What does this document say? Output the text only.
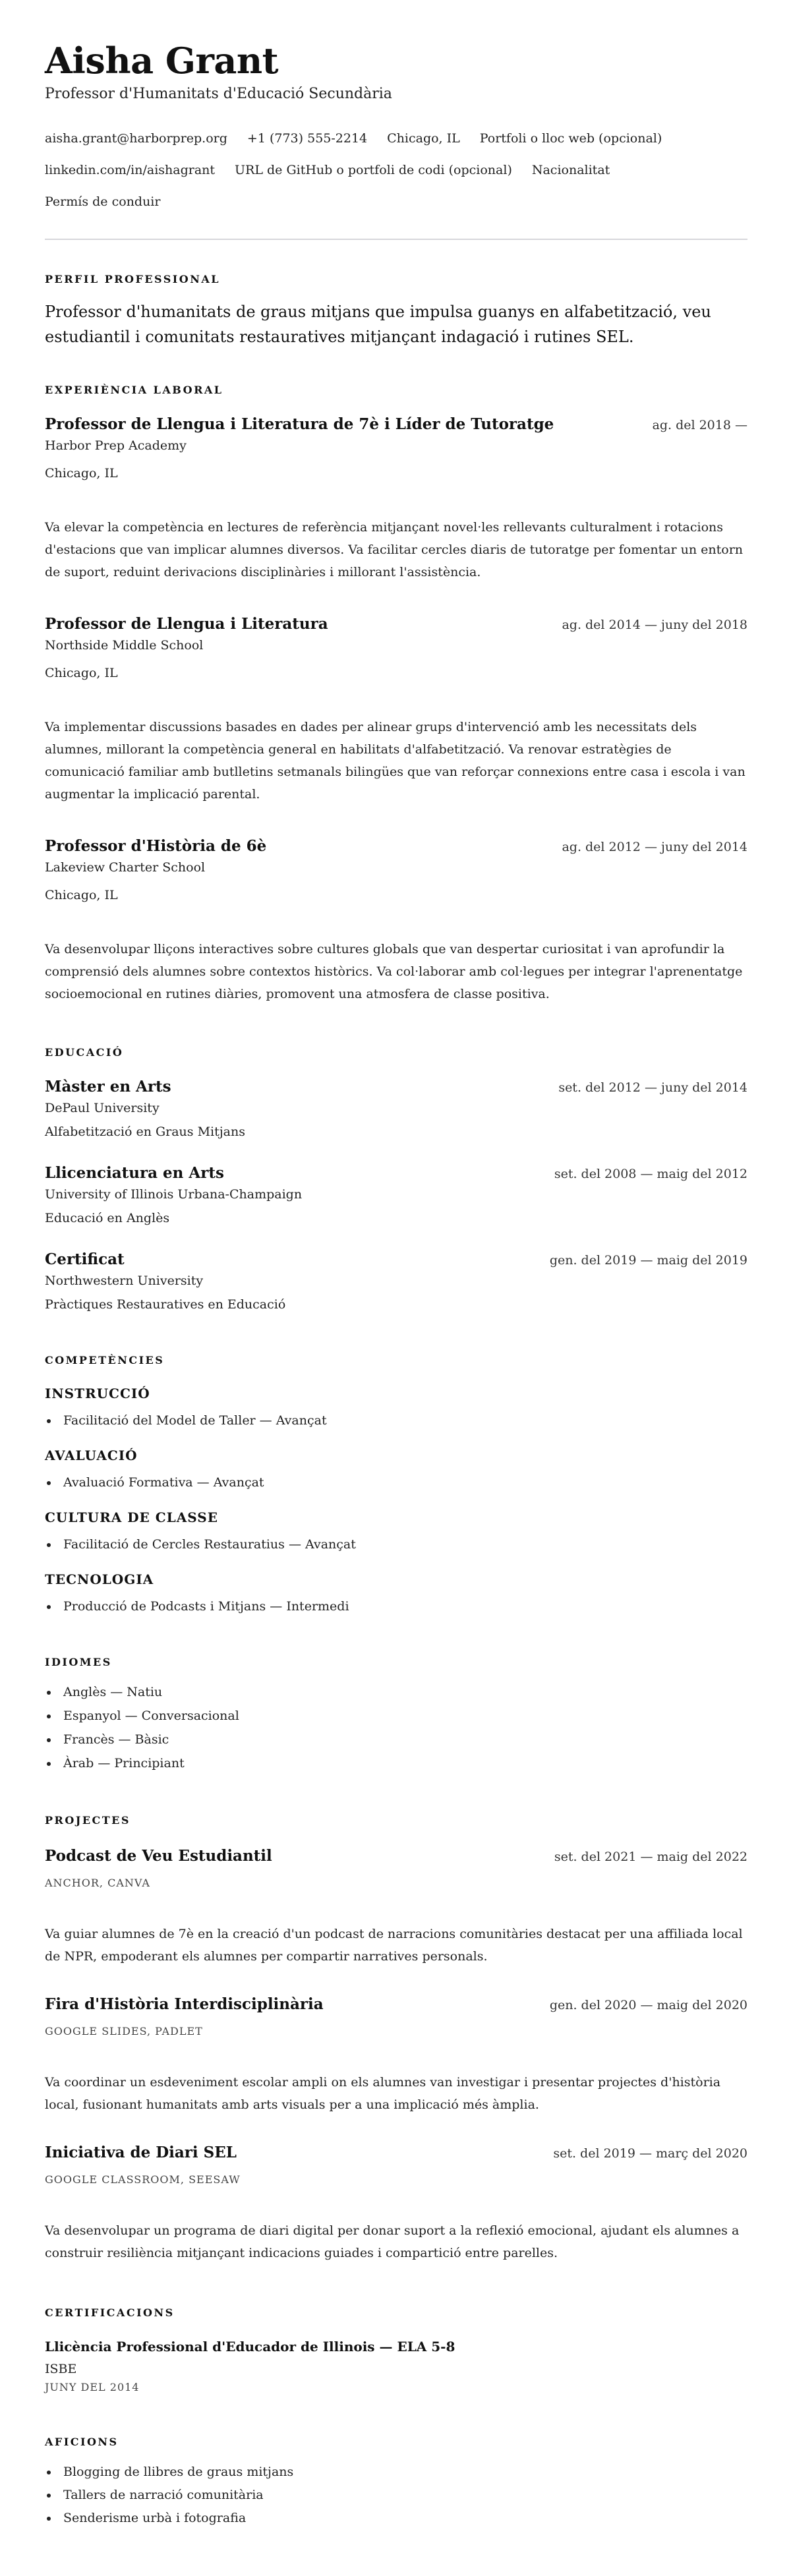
Aisha Grant
Professor d'Humanitats d'Educació Secundària
aisha.grant@harborprep.org +1 (773) 555-2214 Chicago, IL Portfoli o lloc web (opcional)
linkedin.com/in/aishagrant URL de GitHub o portfoli de codi (opcional) Nacionalitat
Permís de conduir
PERFIL PROFESSIONAL
Professor d'humanitats de graus mitjans que impulsa guanys en alfabetització, veu estudiantil i comunitats restauratives mitjançant indagació i rutines SEL.
EXPERIÈNCIA LABORAL
Professor de Llengua i Literatura de 7è i Líder de Tutoratge	ag. del 2018 —
Harbor Prep Academy
Chicago, IL
Va elevar la competència en lectures de referència mitjançant novel·les rellevants culturalment i rotacions d'estacions que van implicar alumnes diversos. Va facilitar cercles diaris de tutoratge per fomentar un entorn de suport, reduint derivacions disciplinàries i millorant l'assistència.
Professor de Llengua i Literatura	ag. del 2014 — juny del 2018
Northside Middle School
Chicago, IL
Va implementar discussions basades en dades per alinear grups d'intervenció amb les necessitats dels alumnes, millorant la competència general en habilitats d'alfabetització. Va renovar estratègies de comunicació familiar amb butlletins setmanals bilingües que van reforçar connexions entre casa i escola i van augmentar la implicació parental.
Professor d'Història de 6è	ag. del 2012 — juny del 2014
Lakeview Charter School
Chicago, IL
Va desenvolupar lliçons interactives sobre cultures globals que van despertar curiositat i van aprofundir la comprensió dels alumnes sobre contextos històrics. Va col·laborar amb col·legues per integrar l'aprenentatge socioemocional en rutines diàries, promovent una atmosfera de classe positiva.
EDUCACIÓ
Màster en Arts	set. del 2012 — juny del 2014
DePaul University
Alfabetització en Graus Mitjans
Llicenciatura en Arts	set. del 2008 — maig del 2012
University of Illinois Urbana-Champaign
Educació en Anglès
Certificat	gen. del 2019 — maig del 2019
Northwestern University
Pràctiques Restauratives en Educació
COMPETÈNCIES
INSTRUCCIÓ
Facilitació del Model de Taller — Avançat
AVALUACIÓ
Avaluació Formativa — Avançat
CULTURA DE CLASSE
Facilitació de Cercles Restauratius — Avançat
TECNOLOGIA
Producció de Podcasts i Mitjans — Intermedi
IDIOMES
Anglès — Natiu
Espanyol — Conversacional
Francès — Bàsic
Àrab — Principiant
PROJECTES
Podcast de Veu Estudiantil	set. del 2021 — maig del 2022
ANCHOR, CANVA
Va guiar alumnes de 7è en la creació d'un podcast de narracions comunitàries destacat per una affiliada local de NPR, empoderant els alumnes per compartir narratives personals.
Fira d'Història Interdisciplinària	gen. del 2020 — maig del 2020
GOOGLE SLIDES, PADLET
Va coordinar un esdeveniment escolar ampli on els alumnes van investigar i presentar projectes d'història local, fusionant humanitats amb arts visuals per a una implicació més àmplia.
Iniciativa de Diari SEL	set. del 2019 — març del 2020
GOOGLE CLASSROOM, SEESAW
Va desenvolupar un programa de diari digital per donar suport a la reflexió emocional, ajudant els alumnes a construir resiliència mitjançant indicacions guiades i compartició entre parelles.
CERTIFICACIONS
Llicència Professional d'Educador de Illinois — ELA 5-8
ISBE
JUNY DEL 2014
AFICIONS
Blogging de llibres de graus mitjans
Tallers de narració comunitària
Senderisme urbà i fotografia
